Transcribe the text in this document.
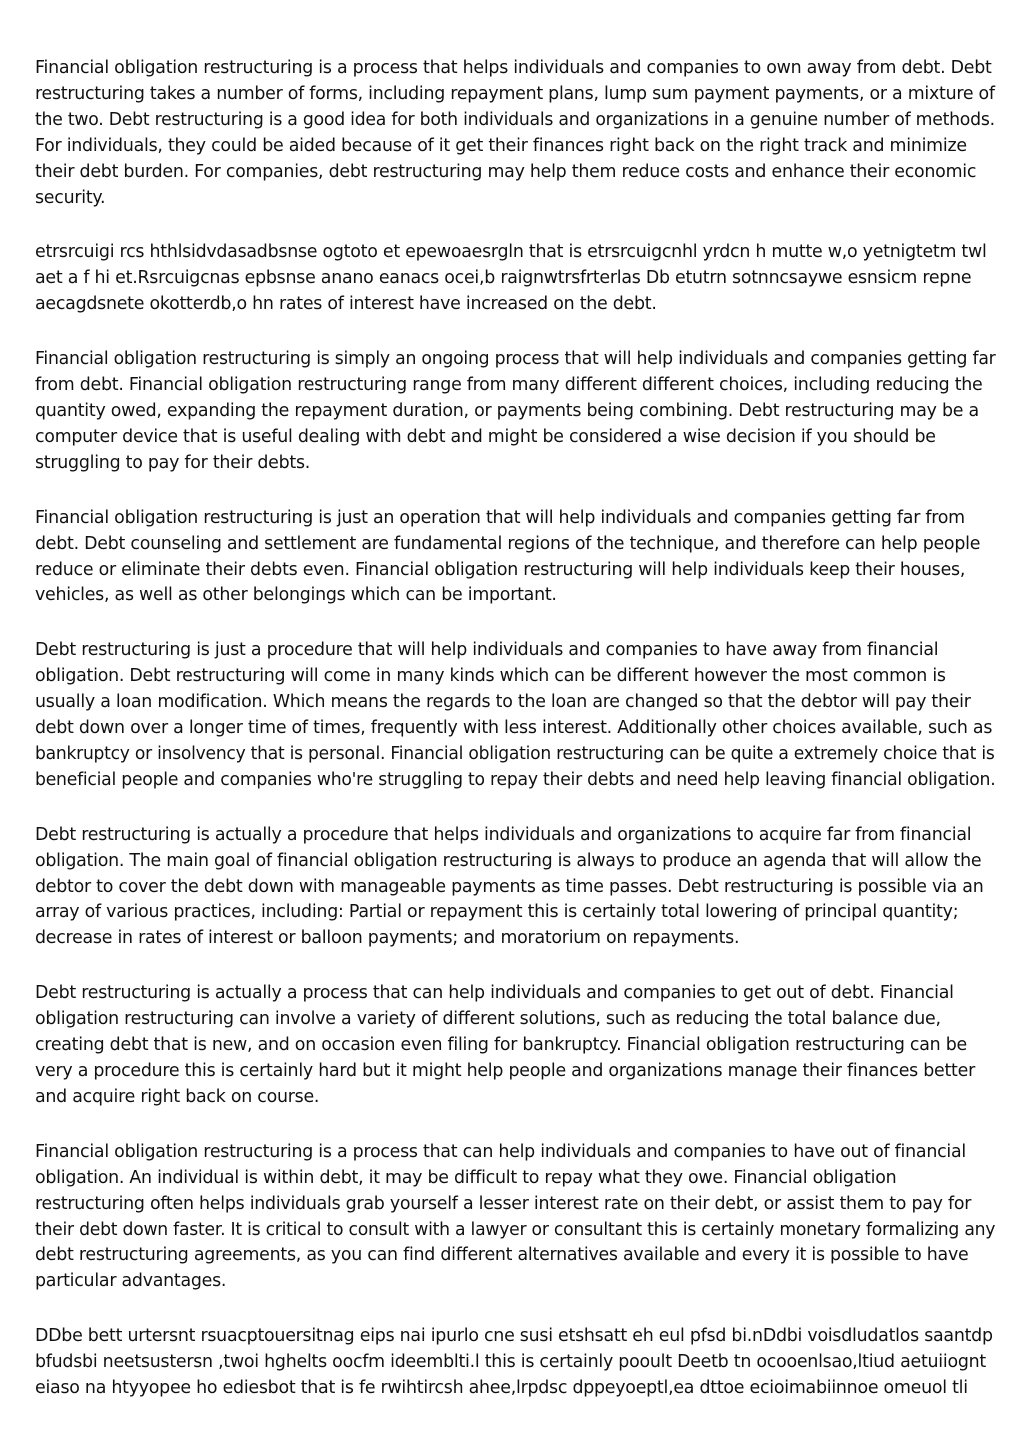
Financial obligation restructuring is a process that helps individuals and companies to own away from debt. Debt
restructuring takes a number of forms, including repayment plans, lump sum payment payments, or a mixture of
the two. Debt restructuring is a good idea for both individuals and organizations in a genuine number of methods.
For individuals, they could be aided because of it get their finances right back on the right track and minimize
their debt burden. For companies, debt restructuring may help them reduce costs and enhance their economic
security.

etrsrcuigi rcs hthlsidvdasadbsnse ogtoto et epewoaesrgln that is etrsrcuigcnhl yrdcn h mutte w,o yetnigtetm twl
aet a f hi et.Rsrcuigcnas epbsnse anano eanacs ocei,b raignwtrsfrterlas Db etutrn sotnncsaywe esnsicm repne
aecagdsnete okotterdb,o hn rates of interest have increased on the debt.

Financial obligation restructuring is simply an ongoing process that will help individuals and companies getting far
from debt. Financial obligation restructuring range from many different different choices, including reducing the
quantity owed, expanding the repayment duration, or payments being combining. Debt restructuring may be a
computer device that is useful dealing with debt and might be considered a wise decision if you should be
struggling to pay for their debts.

Financial obligation restructuring is just an operation that will help individuals and companies getting far from
debt. Debt counseling and settlement are fundamental regions of the technique, and therefore can help people
reduce or eliminate their debts even. Financial obligation restructuring will help individuals keep their houses,
vehicles, as well as other belongings which can be important.

Debt restructuring is just a procedure that will help individuals and companies to have away from financial
obligation. Debt restructuring will come in many kinds which can be different however the most common is
usually a loan modification. Which means the regards to the loan are changed so that the debtor will pay their
debt down over a longer time of times, frequently with less interest. Additionally other choices available, such as
bankruptcy or insolvency that is personal. Financial obligation restructuring can be quite a extremely choice that is
beneficial people and companies who're struggling to repay their debts and need help leaving financial obligation.

Debt restructuring is actually a procedure that helps individuals and organizations to acquire far from financial
obligation. The main goal of financial obligation restructuring is always to produce an agenda that will allow the
debtor to cover the debt down with manageable payments as time passes. Debt restructuring is possible via an
array of various practices, including: Partial or repayment this is certainly total lowering of principal quantity;
decrease in rates of interest or balloon payments; and moratorium on repayments.

Debt restructuring is actually a process that can help individuals and companies to get out of debt. Financial
obligation restructuring can involve a variety of different solutions, such as reducing the total balance due,
creating debt that is new, and on occasion even filing for bankruptcy. Financial obligation restructuring can be
very a procedure this is certainly hard but it might help people and organizations manage their finances better
and acquire right back on course.

Financial obligation restructuring is a process that can help individuals and companies to have out of financial
obligation. An individual is within debt, it may be difficult to repay what they owe. Financial obligation
restructuring often helps individuals grab yourself a lesser interest rate on their debt, or assist them to pay for
their debt down faster. It is critical to consult with a lawyer or consultant this is certainly monetary formalizing any
debt restructuring agreements, as you can find different alternatives available and every it is possible to have
particular advantages.

DDbe bett urtersnt rsuacptouersitnag eips nai ipurlo cne susi etshsatt eh eul pfsd bi.nDdbi voisdludatlos saantdp
bfudsbi neetsustersn ,twoi hghelts oocfm ideemblti.l this is certainly pooult Deetb tn ocooenlsao,ltiud aetuiiognt
eiaso na htyyopee ho ediesbot that is fe rwihtircsh ahee,lrpdsc dppeyoeptl,ea dttoe ecioimabiinnoe omeuol tli
